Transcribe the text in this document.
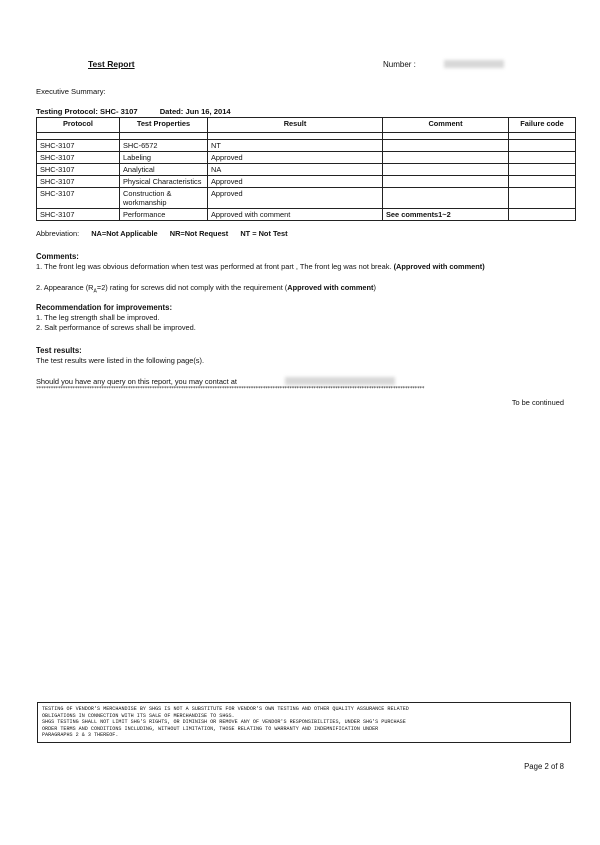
Test Report	Number :
Executive Summary:
Testing Protocol: SHC- 3107	Dated: Jun 16, 2014
Protocol	Test Properties	Result	Comment	Failure code

SHC-3107	SHC-6572	NT		
SHC-3107	Labeling	Approved		
SHC-3107	Analytical	NA		
SHC-3107	Physical Characteristics	Approved		
SHC-3107	Construction & workmanship	Approved		
SHC-3107	Performance	Approved with comment	See comments1~2	
Abbreviation: NA=Not Applicable NR=Not Request NT = Not Test
Comments:
1. The front leg was obvious deformation when test was performed at front part , The front leg was not break. (Approved with comment)
2. Appearance $(R_A=2)$ rating for screws did not comply with the requirement (Approved with comment)
Recommendation for improvements:
1. The leg strength shall be improved.
2. Salt performance of screws shall be improved.
Test results:
The test results were listed in the following page(s).
Should you have any query on this report, you may contact at
*****************************************************************************************************************************************************************
To be continued
TESTING OF VENDOR'S MERCHANDISE BY SHGS IS NOT A SUBSTITUTE FOR VENDOR'S OWN TESTING AND OTHER QUALITY ASSURANCE RELATED
OBLIGATIONS IN CONNECTION WITH ITS SALE OF MERCHANDISE TO SHGS.
SHGS TESTING SHALL NOT LIMIT SHG'S RIGHTS, OR DIMINISH OR REMOVE ANY OF VENDOR'S RESPONSIBILITIES, UNDER SHG'S PURCHASE
ORDER TERMS AND CONDITIONS INCLUDING, WITHOUT LIMITATION, THOSE RELATING TO WARRANTY AND INDEMNIFICATION UNDER
PARAGRAPHS 2 & 3 THEREOF.
Page 2 of 8
